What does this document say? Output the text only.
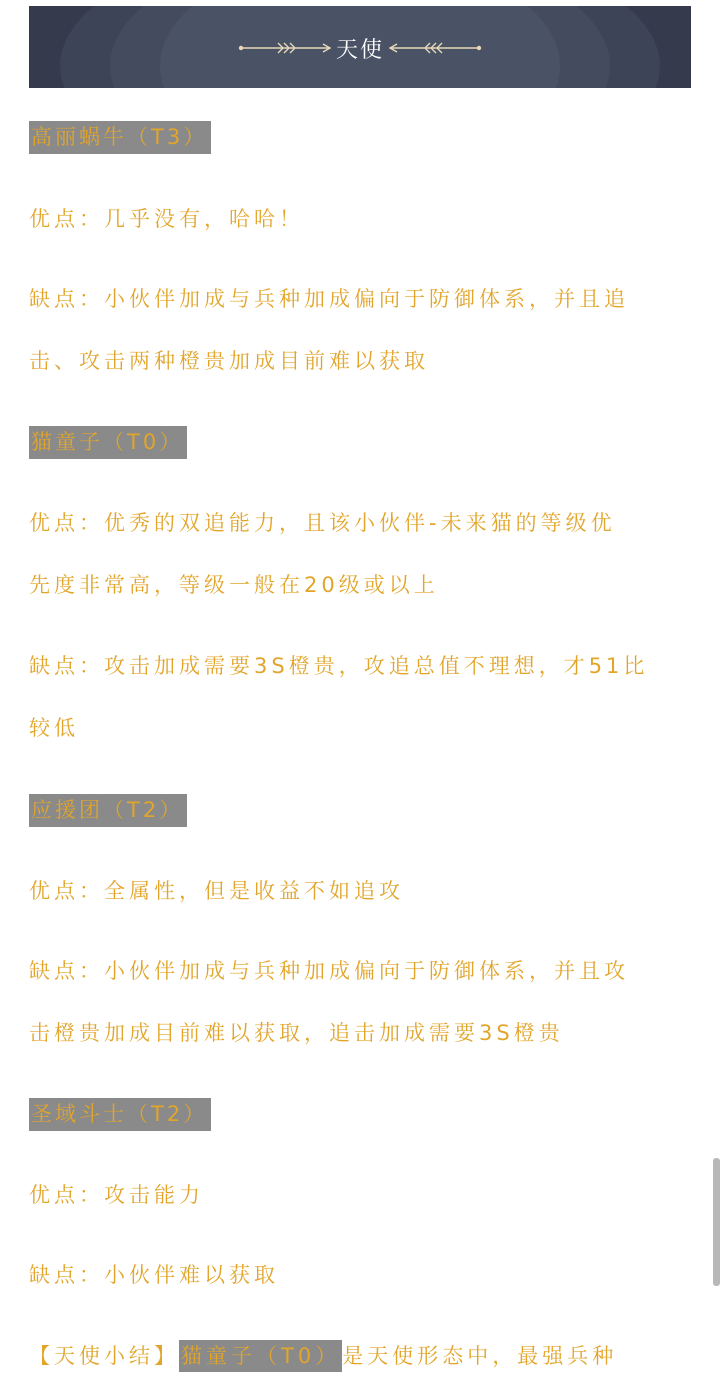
天使
高丽蜗牛（T3）

优点：几乎没有，哈哈！

缺点：小伙伴加成与兵种加成偏向于防御体系，并且追

击、攻击两种橙贵加成目前难以获取

猫童子（T0）

优点：优秀的双追能力，且该小伙伴-未来猫的等级优

先度非常高，等级一般在20级或以上

缺点：攻击加成需要3S橙贵，攻追总值不理想，才51比

较低

应援团（T2）

优点：全属性，但是收益不如追攻

缺点：小伙伴加成与兵种加成偏向于防御体系，并且攻

击橙贵加成目前难以获取，追击加成需要3S橙贵

圣域斗士（T2）

优点：攻击能力

缺点：小伙伴难以获取

【天使小结】猫童子（T0）是天使形态中，最强兵种
